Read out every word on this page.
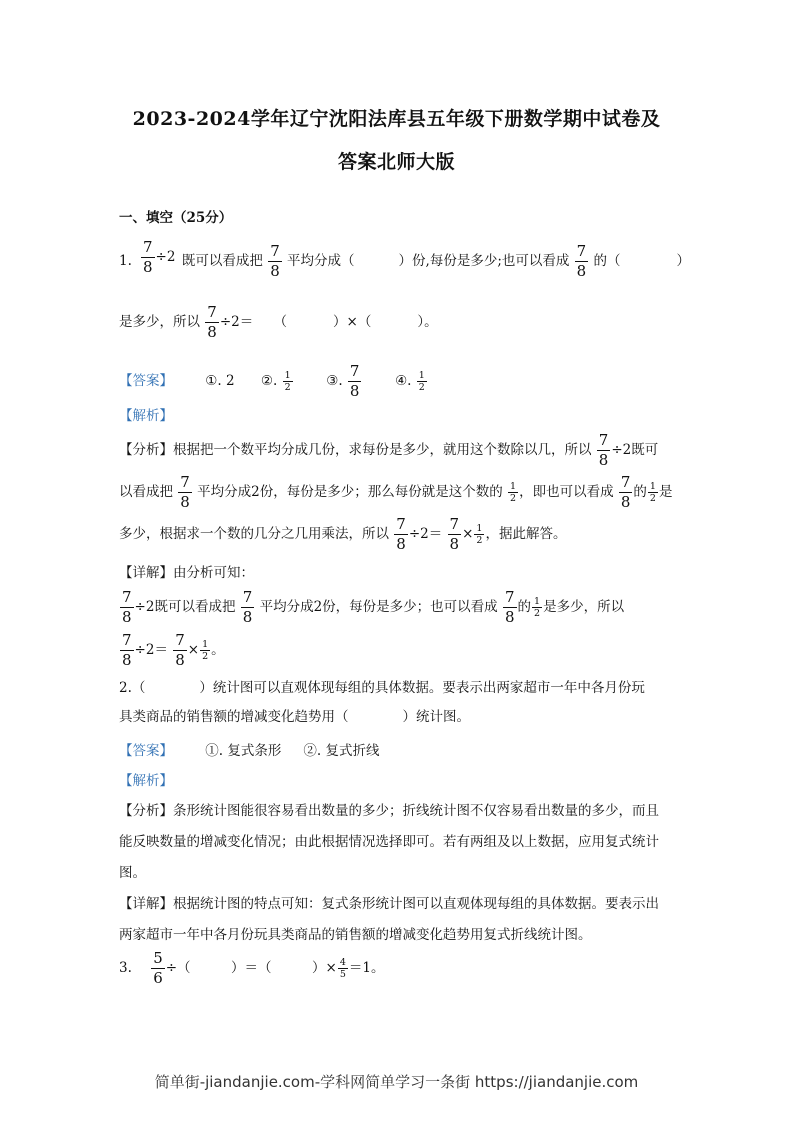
2023-2024学年辽宁沈阳法库县五年级下册数学期中试卷及
答案北师大版
一、填空（25分）
$\frac{7}{8} \div 2$
1.	既可以看成把 $\frac{7}{8}$ 平均分成（	）份,每份是多少;也可以看成 $\frac{7}{8}$ 的（	）
是多少，所以 $\frac{7}{8} \div 2=$ （	）×（	）。
【答案】 ①. 2 ②. $\frac{1}{2}$ ③. $\frac{7}{8}$ ④. $\frac{1}{2}$
【解析】
【分析】根据把一个数平均分成几份，求每份是多少，就用这个数除以几，所以 $\frac{7}{8} \div 2$既可
以看成把 $\frac{7}{8}$ 平均分成2份，每份是多少；那么每份就是这个数的 $\frac{1}{2}$ ，即也可以看成 $\frac{7}{8}$ 的 $\frac{1}{2}$ 是
多少，根据求一个数的几分之几用乘法，所以 $\frac{7}{8} \div 2= \frac{7}{8} \times \frac{1}{2}$ ，据此解答。
【详解】由分析可知：
$\frac{7}{8} \div 2$既可以看成把 $\frac{7}{8}$ 平均分成2份，每份是多少；也可以看成 $\frac{7}{8}$ 的 $\frac{1}{2}$ 是多少，所以
$\frac{7}{8} \div 2= \frac{7}{8} \times \frac{1}{2}$ 。
2.（　　　　）统计图可以直观体现每组的具体数据。要表示出两家超市一年中各月份玩
具类商品的销售额的增减变化趋势用（　　　　）统计图。
【答案】 ①. 复式条形 ②. 复式折线
【解析】
【分析】条形统计图能很容易看出数量的多少；折线统计图不仅容易看出数量的多少，而且
能反映数量的增减变化情况；由此根据情况选择即可。若有两组及以上数据，应用复式统计
图。
【详解】根据统计图的特点可知：复式条形统计图可以直观体现每组的具体数据。要表示出
两家超市一年中各月份玩具类商品的销售额的增减变化趋势用复式折线统计图。
3. $\frac{5}{6}$ ÷（　　　）＝（　　　）× $\frac{4}{5} =1$。
简单街-jiandanjie.com-学科网简单学习一条街 https://jiandanjie.com
